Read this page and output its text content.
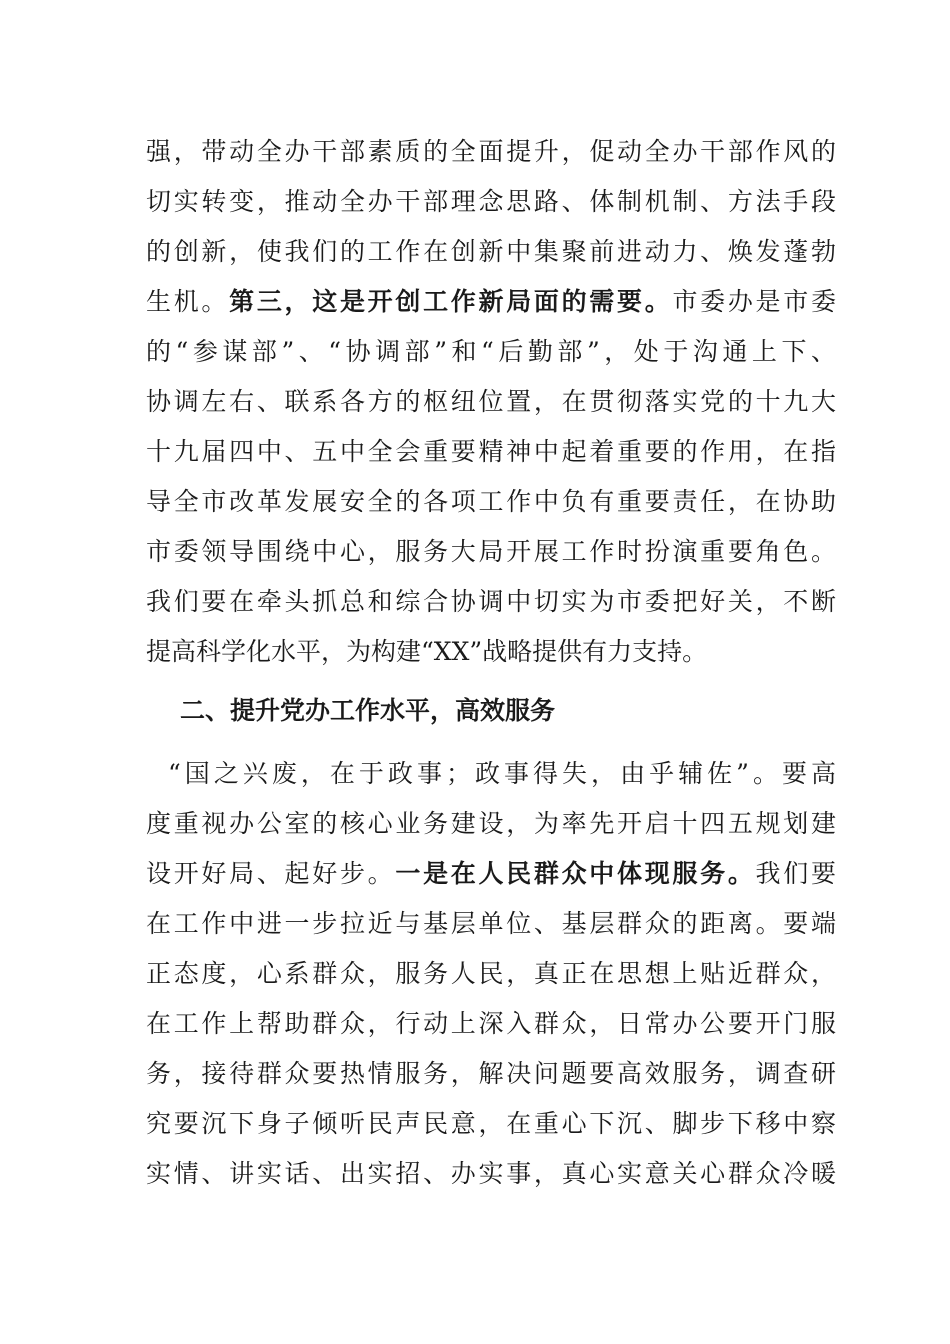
强，带动全办干部素质的全面提升，促动全办干部作风的
切实转变，推动全办干部理念思路、体制机制、方法手段
的创新，使我们的工作在创新中集聚前进动力、焕发蓬勃
生机。第三，这是开创工作新局面的需要。市委办是市委
的“参谋部”、“协调部”和“后勤部”，处于沟通上下、
协调左右、联系各方的枢纽位置，在贯彻落实党的十九大
十九届四中、五中全会重要精神中起着重要的作用，在指
导全市改革发展安全的各项工作中负有重要责任，在协助
市委领导围绕中心，服务大局开展工作时扮演重要角色。
我们要在牵头抓总和综合协调中切实为市委把好关，不断
提高科学化水平，为构建“XX”战略提供有力支持。
二、提升党办工作水平，高效服务
“国之兴废，在于政事；政事得失，由乎辅佐”。要高
度重视办公室的核心业务建设，为率先开启十四五规划建
设开好局、起好步。一是在人民群众中体现服务。我们要
在工作中进一步拉近与基层单位、基层群众的距离。要端
正态度，心系群众，服务人民，真正在思想上贴近群众，
在工作上帮助群众，行动上深入群众，日常办公要开门服
务，接待群众要热情服务，解决问题要高效服务，调查研
究要沉下身子倾听民声民意，在重心下沉、脚步下移中察
实情、讲实话、出实招、办实事，真心实意关心群众冷暖
